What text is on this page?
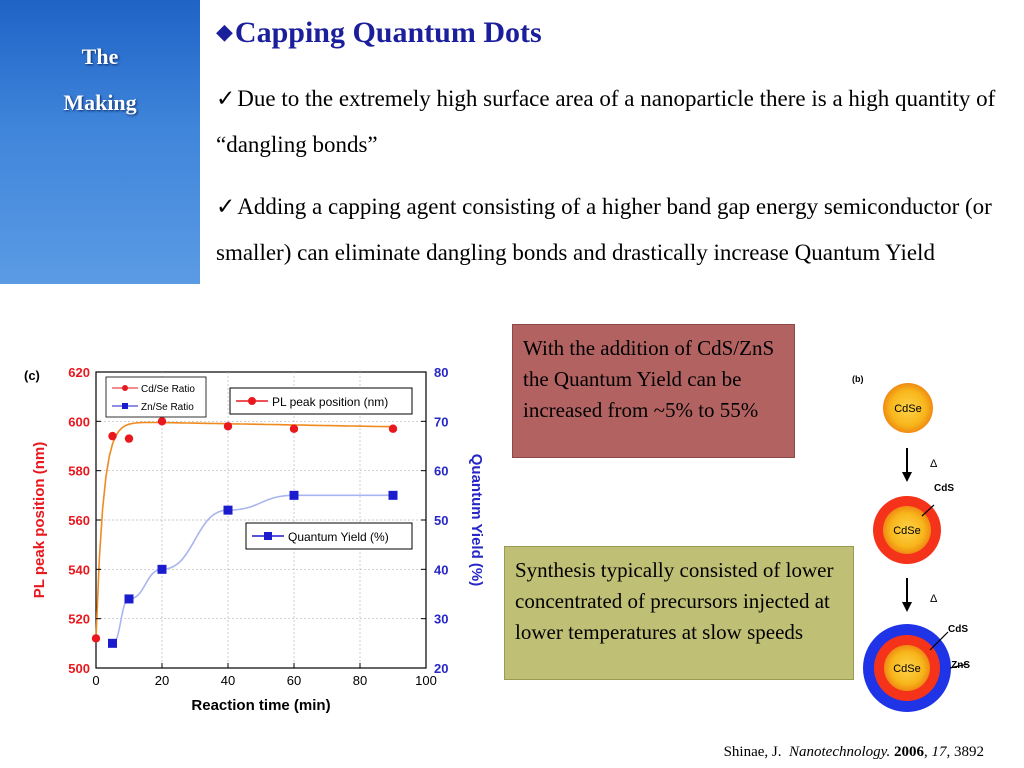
The
Making
◆Capping Quantum Dots
✓Due to the extremely high surface area of a nanoparticle there is a high quantity of “dangling bonds”
✓Adding a capping agent consisting of a higher band gap energy semiconductor (or smaller) can eliminate dangling bonds and drastically increase Quantum Yield
With the addition of CdS/ZnS the Quantum Yield can be increased from ~5% to 55%
Synthesis typically consisted of lower concentrated of precursors injected at lower temperatures at slow speeds
(c)
0	20	40	60	80	100
500
520
540
560
580
600
620
20
30
40
50
60
70
80
Cd/Se Ratio
Zn/Se Ratio	PL peak position (nm)
Quantum Yield (%)
Reaction time (min)
PL peak position (nm)	Quantum Yield (%)
(b)
CdSe
Δ
CdSe
CdS
Δ
CdSe
CdS
ZnS
Shinae, J. Nanotechnology. 2006, 17, 3892
